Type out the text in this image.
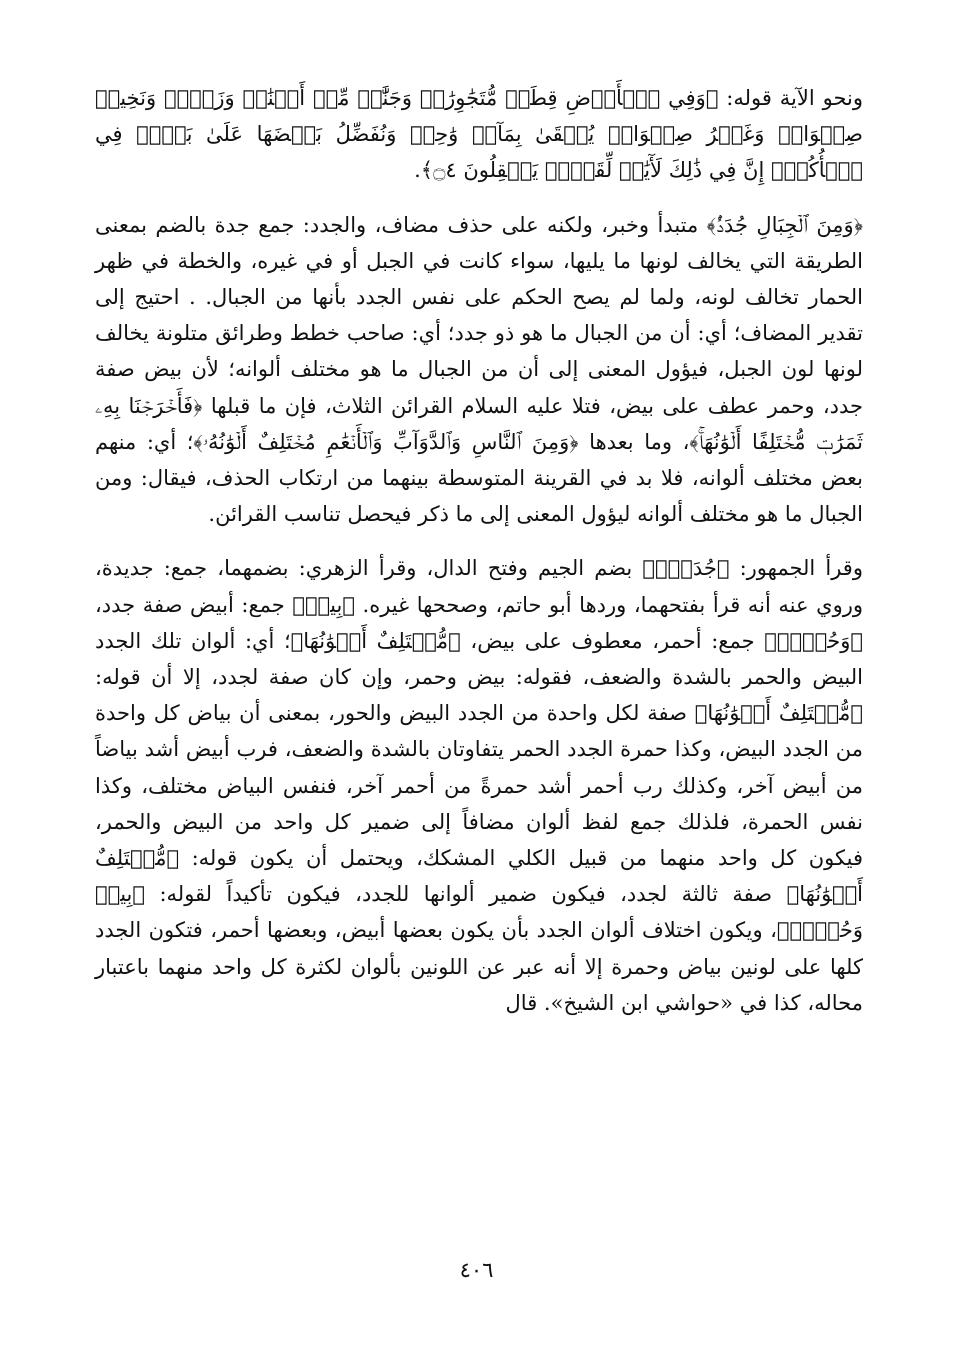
ونحو الآية قوله: ﴿وَفِي ٱلۡأَرۡضِ قِطَعٞ مُّتَجَٰوِرَٰتٞ وَجَنَّٰتٞ مِّنۡ أَعۡنَٰبٖ وَزَرۡعٞ وَنَخِيلٞ صِنۡوَانٞ وَغَيۡرُ صِنۡوَانٖ يُسۡقَىٰ بِمَآءٖ وَٰحِدٖ وَنُفَضِّلُ بَعۡضَهَا عَلَىٰ بَعۡضٖ فِي ٱلۡأُكُلِۚ إِنَّ فِي ذَٰلِكَ لَأٓيَٰتٖ لِّقَوۡمٖ يَعۡقِلُونَ ۝٤﴾.

﴿وَمِنَ ٱلۡجِبَالِ جُدَدُۢ﴾ متبدأ وخبر، ولكنه على حذف مضاف، والجدد: جمع جدة بالضم بمعنى الطريقة التي يخالف لونها ما يليها، سواء كانت في الجبل أو في غيره، والخطة في ظهر الحمار تخالف لونه، ولما لم يصح الحكم على نفس الجدد بأنها من الجبال. . احتيج إلى تقدير المضاف؛ أي: أن من الجبال ما هو ذو جدد؛ أي: صاحب خطط وطرائق متلونة يخالف لونها لون الجبل، فيؤول المعنى إلى أن من الجبال ما هو مختلف ألوانه؛ لأن بيض صفة جدد، وحمر عطف على بيض، فتلا عليه السلام القرائن الثلاث، فإن ما قبلها ﴿فَأَخۡرَجۡنَا بِهِۦ ثَمَرَٰتٖ مُّخۡتَلِفًا أَلۡوَٰنُهَاۚ﴾، وما بعدها ﴿وَمِنَ ٱلنَّاسِ وَٱلدَّوَآبِّ وَٱلۡأَنۡعَٰمِ مُخۡتَلِفٌ أَلۡوَٰنُهُۥ﴾؛ أي: منهم بعض مختلف ألوانه، فلا بد في القرينة المتوسطة بينهما من ارتكاب الحذف، فيقال: ومن الجبال ما هو مختلف ألوانه ليؤول المعنى إلى ما ذكر فيحصل تناسب القرائن.

وقرأ الجمهور: ﴿جُدَدُۢ﴾ بضم الجيم وفتح الدال، وقرأ الزهري: بضمهما، جمع: جديدة، وروي عنه أنه قرأ بفتحهما، وردها أبو حاتم، وصححها غيره. ﴿بِيضٞ﴾ جمع: أبيض صفة جدد، ﴿وَحُمۡرٞ﴾ جمع: أحمر، معطوف على بيض، ﴿مُّخۡتَلِفٌ أَلۡوَٰنُهَا﴾؛ أي: ألوان تلك الجدد البيض والحمر بالشدة والضعف، فقوله: بيض وحمر، وإن كان صفة لجدد، إلا أن قوله: ﴿مُّخۡتَلِفٌ أَلۡوَٰنُهَا﴾ صفة لكل واحدة من الجدد البيض والحور، بمعنى أن بياض كل واحدة من الجدد البيض، وكذا حمرة الجدد الحمر يتفاوتان بالشدة والضعف، فرب أبيض أشد بياضاً من أبيض آخر، وكذلك رب أحمر أشد حمرةً من أحمر آخر، فنفس البياض مختلف، وكذا نفس الحمرة، فلذلك جمع لفظ ألوان مضافاً إلى ضمير كل واحد من البيض والحمر، فيكون كل واحد منهما من قبيل الكلي المشكك، ويحتمل أن يكون قوله: ﴿مُّخۡتَلِفٌ أَلۡوَٰنُهَا﴾ صفة ثالثة لجدد، فيكون ضمير ألوانها للجدد، فيكون تأكيداً لقوله: ﴿بِيضٞ وَحُمۡرٞ﴾، ويكون اختلاف ألوان الجدد بأن يكون بعضها أبيض، وبعضها أحمر، فتكون الجدد كلها على لونين بياض وحمرة إلا أنه عبر عن اللونين بألوان لكثرة كل واحد منهما باعتبار محاله، كذا في «حواشي ابن الشيخ». قال

٤٠٦
